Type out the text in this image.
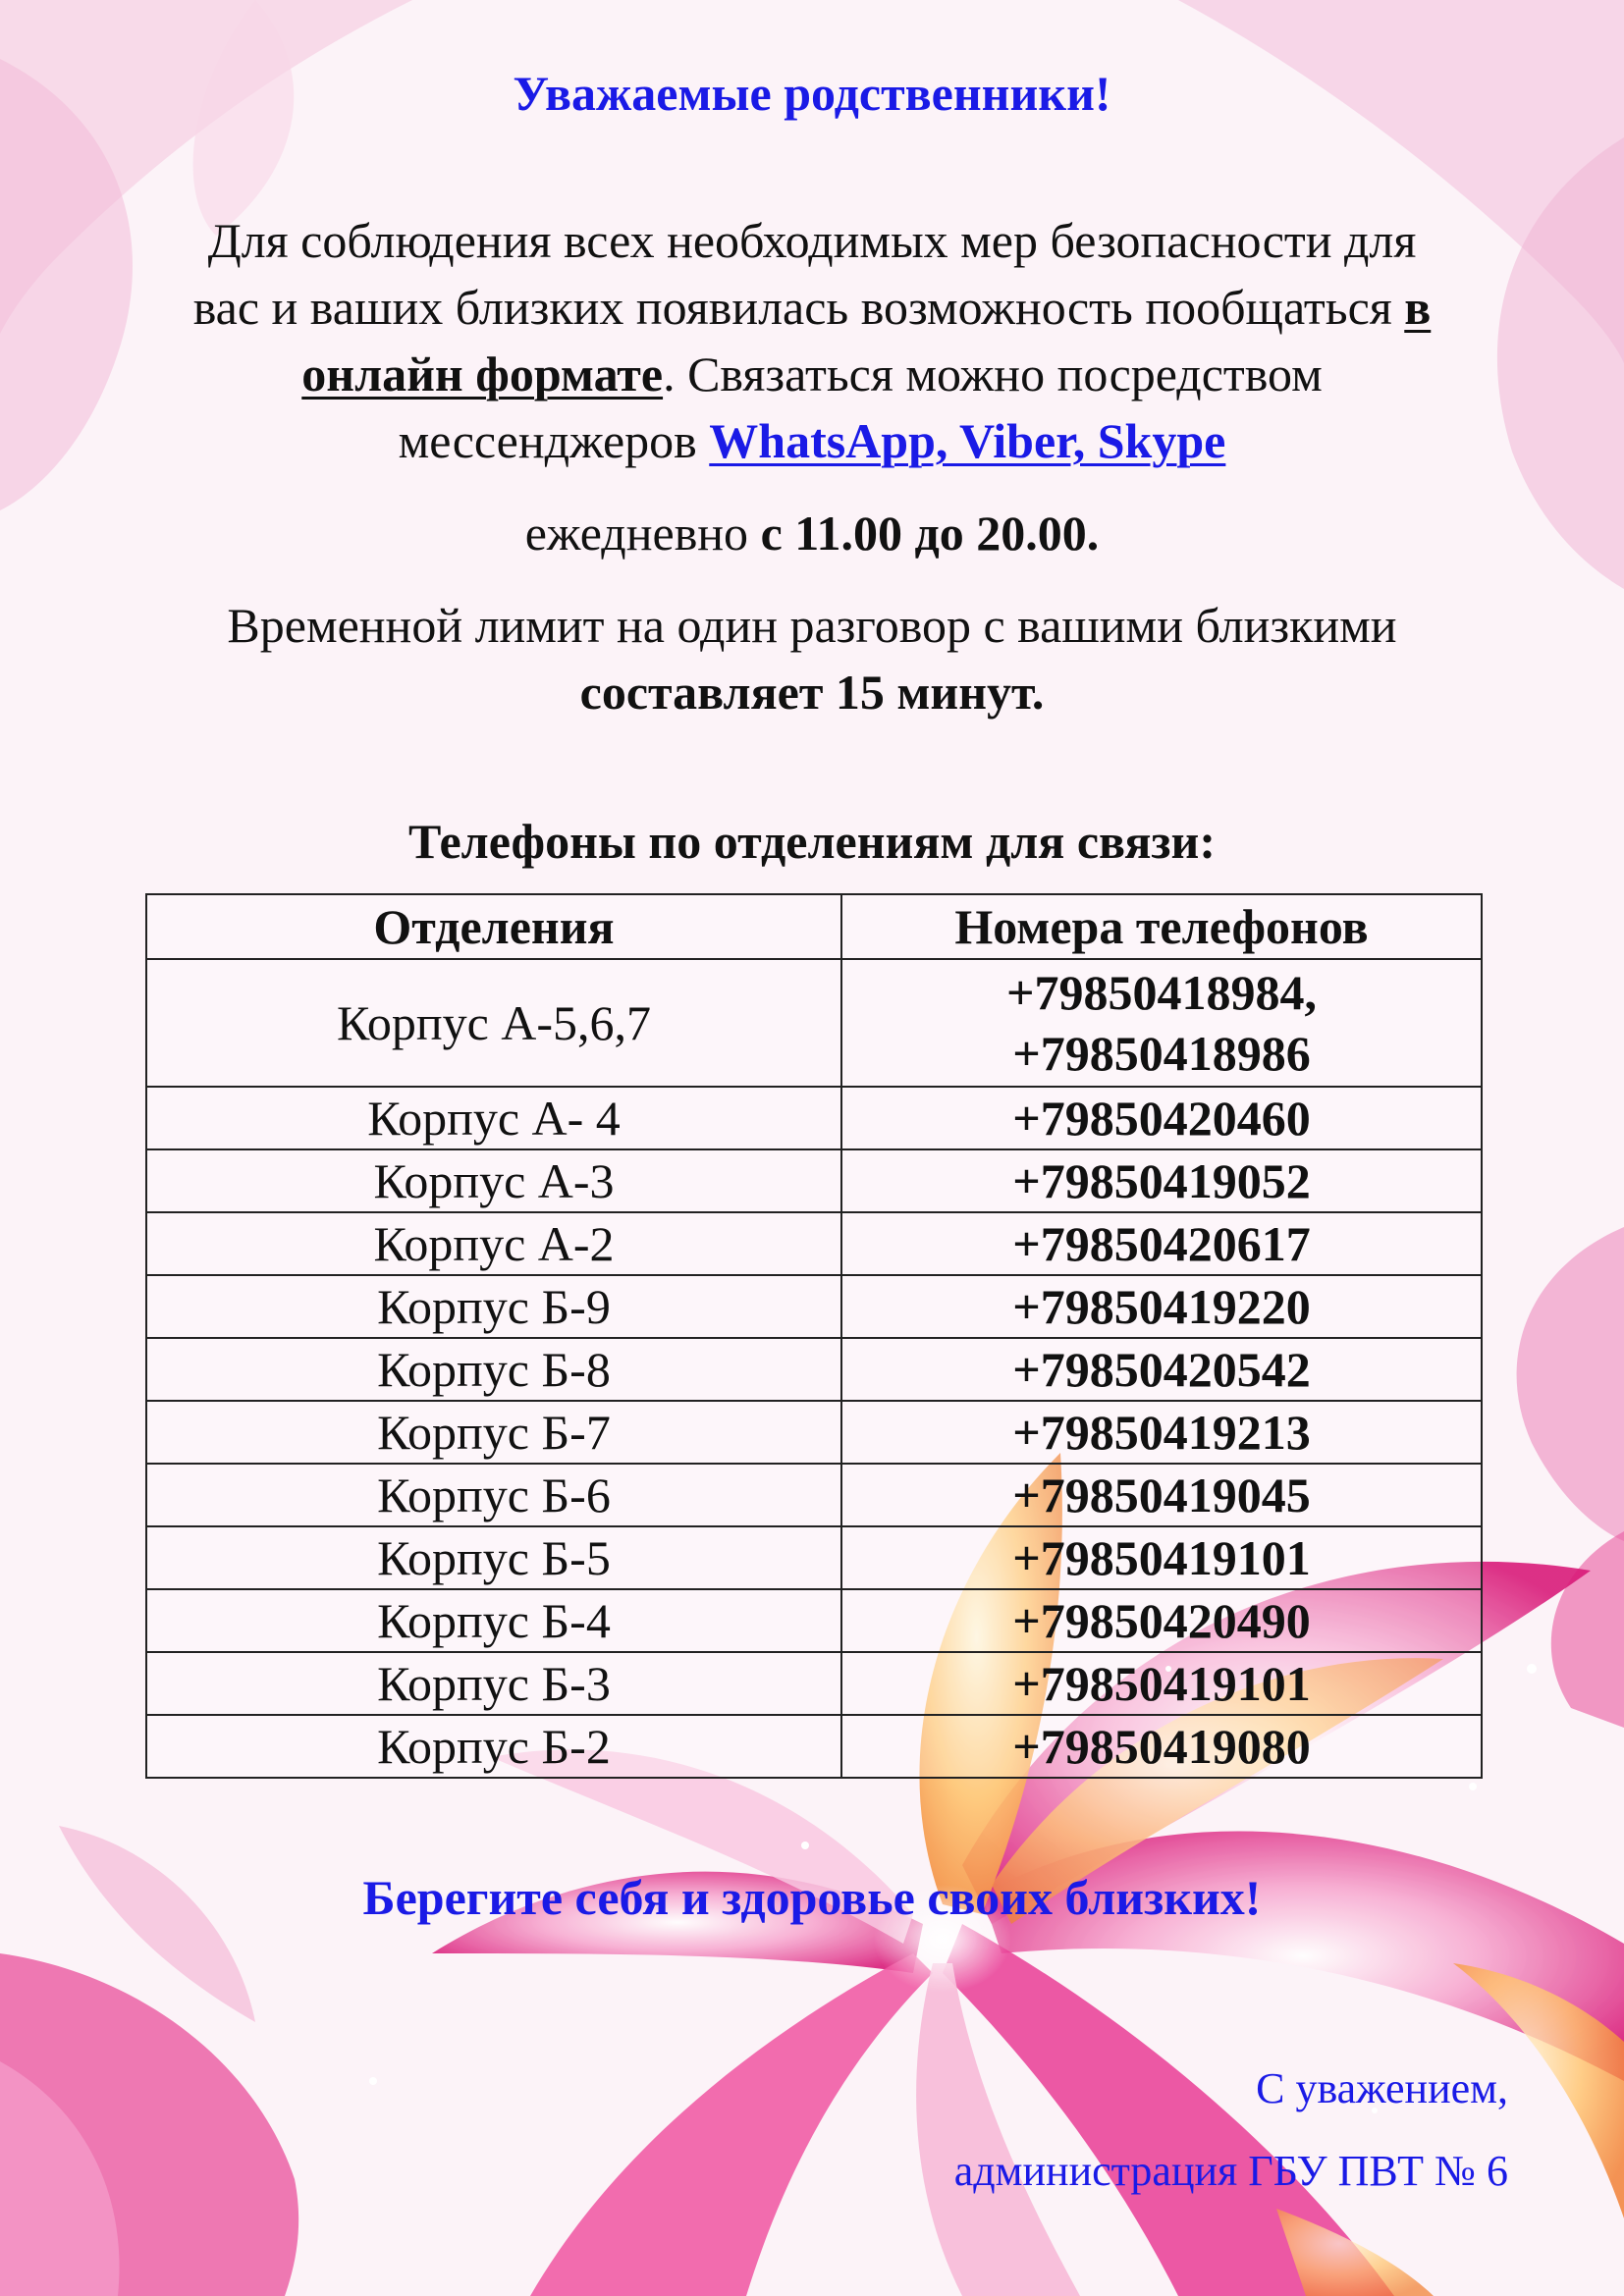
Уважаемые родственники!
Для соблюдения всех необходимых мер безопасности для
вас и ваших близких появилась возможность пообщаться в
онлайн формате. Связаться можно посредством
мессенджеров WhatsApp, Viber, Skype
ежедневно с 11.00 до 20.00.
Временной лимит на один разговор с вашими близкими
составляет 15 минут.
Телефоны по отделениям для связи:
Отделения	Номера телефонов
Корпус А-5,6,7	+79850418984,
+79850418986

Корпус А- 4	+79850420460
Корпус А-3	+79850419052
Корпус А-2	+79850420617
Корпус Б-9	+79850419220
Корпус Б-8	+79850420542
Корпус Б-7	+79850419213
Корпус Б-6	+79850419045
Корпус Б-5	+79850419101
Корпус Б-4	+79850420490
Корпус Б-3	+79850419101
Корпус Б-2	+79850419080
Берегите себя и здоровье своих близких!
С уважением,
администрация ГБУ ПВТ № 6
